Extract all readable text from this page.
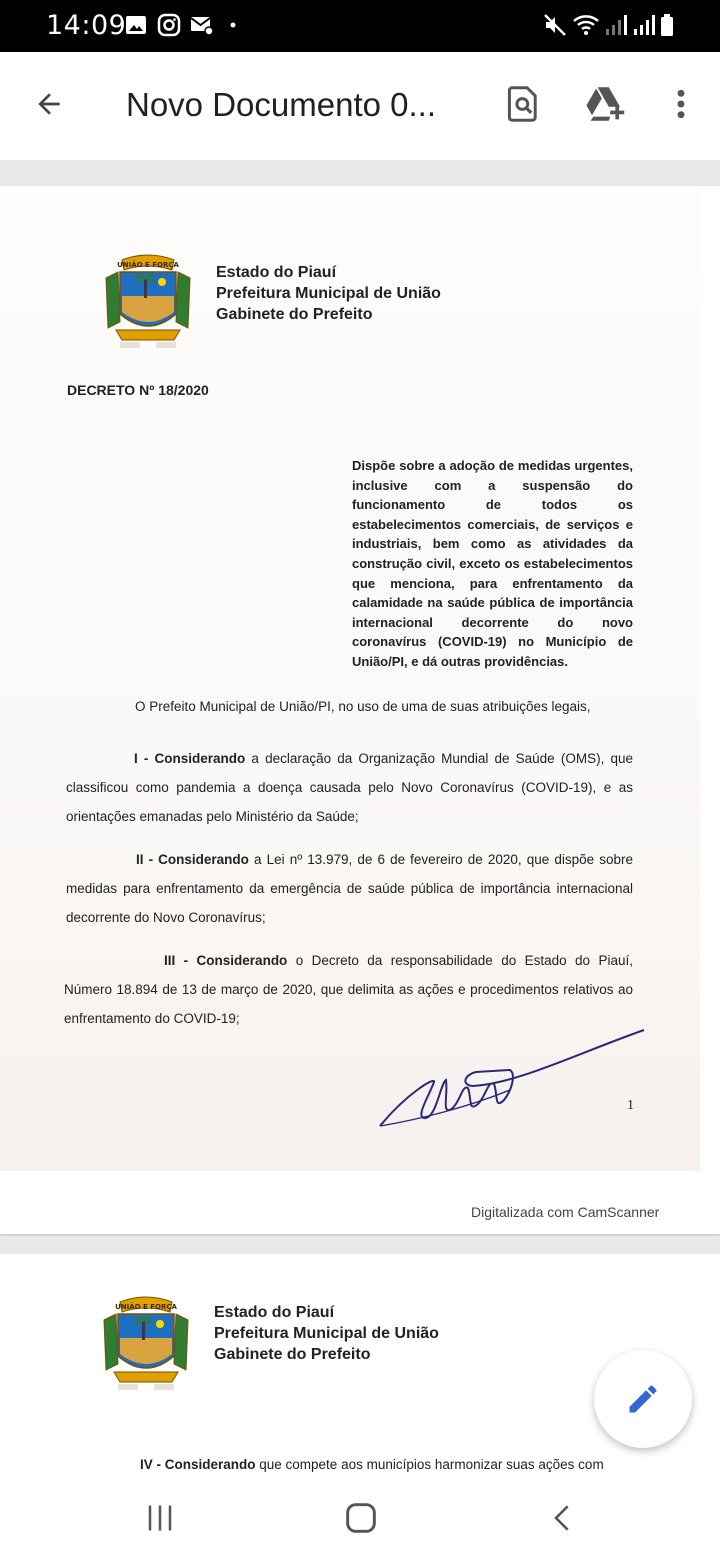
14:09
Novo Documento 0...
UNIÃO E FORÇA Estado do Piauí
Prefeitura Municipal de União
Gabinete do Prefeito
DECRETO Nº 18/2020
Dispõe sobre a adoção de medidas urgentes, inclusive com a suspensão do funcionamento de todos os estabelecimentos comerciais, de serviços e industriais, bem como as atividades da construção civil, exceto os estabelecimentos que menciona, para enfrentamento da calamidade na saúde pública de importância internacional decorrente do novo coronavírus (COVID-19) no Município de União/PI, e dá outras providências.
O Prefeito Municipal de União/PI, no uso de uma de suas atribuições legais,
I - Considerando a declaração da Organização Mundial de Saúde (OMS), que classificou como pandemia a doença causada pelo Novo Coronavírus (COVID-19), e as orientações emanadas pelo Ministério da Saúde;
II - Considerando a Lei nº 13.979, de 6 de fevereiro de 2020, que dispõe sobre medidas para enfrentamento da emergência de saúde pública de importância internacional decorrente do Novo Coronavírus;
III - Considerando o Decreto da responsabilidade do Estado do Piauí, Número 18.894 de 13 de março de 2020, que delimita as ações e procedimentos relativos ao enfrentamento do COVID-19;
1
Digitalizada com CamScanner
UNIÃO E FORÇA Estado do Piauí
Prefeitura Municipal de União
Gabinete do Prefeito
IV - Considerando que compete aos municípios harmonizar suas ações com
